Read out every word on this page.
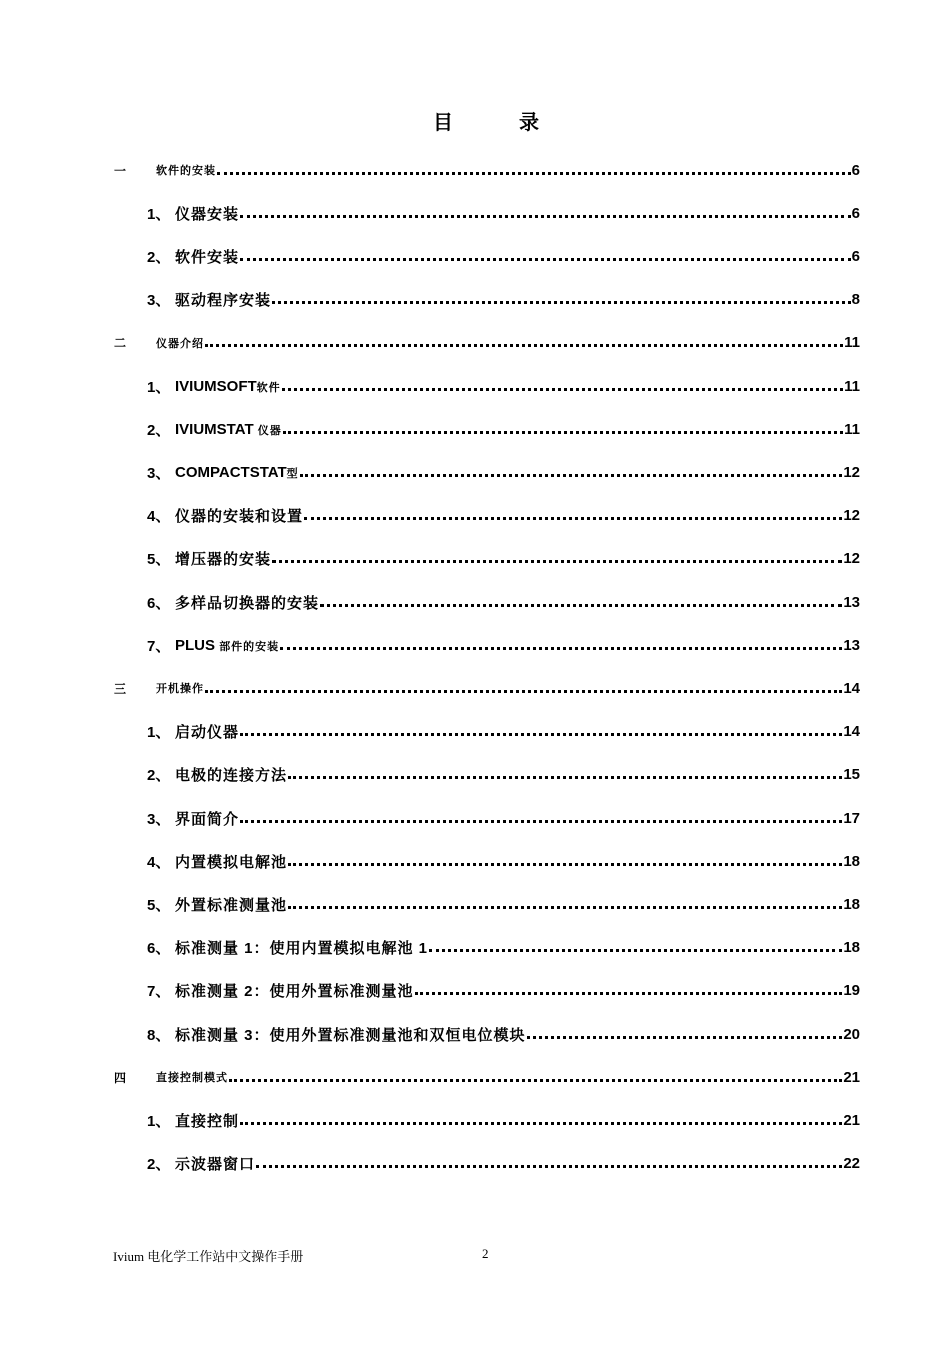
目	录
一	软件的安装	6
1、 仪器安装	6
2、 软件安装	6
3、 驱动程序安装	8
二	仪器介绍	11
1、 IVIUMSOFT软件	11
2、 IVIUMSTAT 仪器	11
3、 COMPACTSTAT型	12
4、 仪器的安装和设置	12
5、 增压器的安装	12
6、 多样品切换器的安装	13
7、 PLUS 部件的安装	13
三	开机操作	14
1、 启动仪器	14
2、 电极的连接方法	15
3、 界面简介	17
4、 内置模拟电解池	18
5、 外置标准测量池	18
6、 标准测量 1：使用内置模拟电解池 1	18
7、 标准测量 2：使用外置标准测量池	19
8、 标准测量 3：使用外置标准测量池和双恒电位模块	20
四	直接控制模式	21
1、 直接控制	21
2、 示波器窗口	22
Ivium 电化学工作站中文操作手册	2
